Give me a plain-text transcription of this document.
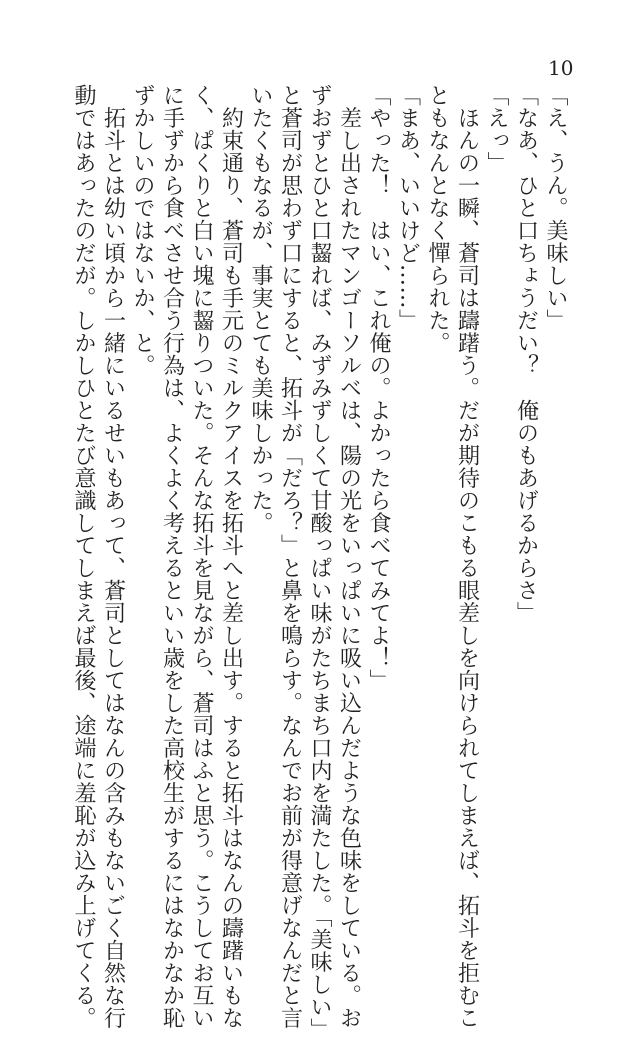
10

「え、うん。美味しい」

「なあ、ひと口ちょうだい？　俺のもあげるからさ」

「えっ」

　ほんの一瞬、蒼司は躊躇う。だが期待のこもる眼差しを向けられてしまえば、拓斗を拒むこ

ともなんとなく憚られた。

「まあ、いいけど……」

「やった！　はい、これ俺の。よかったら食べてみてよ！」

　差し出されたマンゴーソルベは、陽の光をいっぱいに吸い込んだような色味をしている。お

ずおずとひと口齧れば、みずみずしくて甘酸っぱい味がたちまち口内を満たした。「美味しい」

と蒼司が思わず口にすると、拓斗が「だろ？」と鼻を鳴らす。なんでお前が得意げなんだと言

いたくもなるが、事実とても美味しかった。

　約束通り、蒼司も手元のミルクアイスを拓斗へと差し出す。すると拓斗はなんの躊躇いもな

く、ぱくりと白い塊に齧りついた。そんな拓斗を見ながら、蒼司はふと思う。こうしてお互い

に手ずから食べさせ合う行為は、よくよく考えるといい歳をした高校生がするにはなかなか恥

ずかしいのではないか、と。

　拓斗とは幼い頃から一緒にいるせいもあって、蒼司としてはなんの含みもないごく自然な行

動ではあったのだが。しかしひとたび意識してしまえば最後、途端に羞恥が込み上げてくる。
